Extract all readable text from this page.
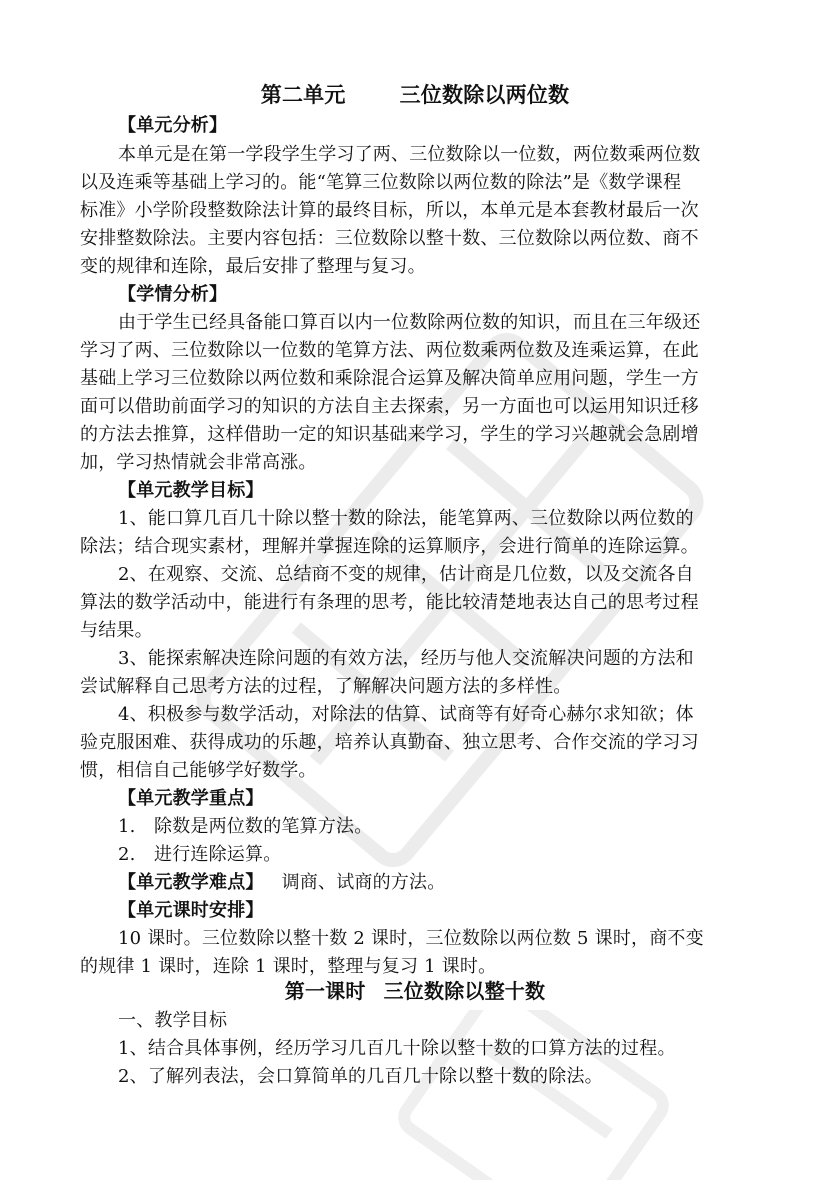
第二单元	三位数除以两位数
【单元分析】
本单元是在第一学段学生学习了两、三位数除以一位数，两位数乘两位数
以及连乘等基础上学习的。能“笔算三位数除以两位数的除法”是《数学课程
标准》小学阶段整数除法计算的最终目标，所以，本单元是本套教材最后一次
安排整数除法。主要内容包括：三位数除以整十数、三位数除以两位数、商不
变的规律和连除，最后安排了整理与复习。
【学情分析】
由于学生已经具备能口算百以内一位数除两位数的知识，而且在三年级还
学习了两、三位数除以一位数的笔算方法、两位数乘两位数及连乘运算，在此
基础上学习三位数除以两位数和乘除混合运算及解决简单应用问题，学生一方
面可以借助前面学习的知识的方法自主去探索，另一方面也可以运用知识迁移
的方法去推算，这样借助一定的知识基础来学习，学生的学习兴趣就会急剧增
加，学习热情就会非常高涨。
【单元教学目标】
1、能口算几百几十除以整十数的除法，能笔算两、三位数除以两位数的
除法；结合现实素材，理解并掌握连除的运算顺序，会进行简单的连除运算。
2、在观察、交流、总结商不变的规律，估计商是几位数，以及交流各自
算法的数学活动中，能进行有条理的思考，能比较清楚地表达自己的思考过程
与结果。
3、能探索解决连除问题的有效方法，经历与他人交流解决问题的方法和
尝试解释自己思考方法的过程，了解解决问题方法的多样性。
4、积极参与数学活动，对除法的估算、试商等有好奇心赫尔求知欲；体
验克服困难、获得成功的乐趣，培养认真勤奋、独立思考、合作交流的学习习
惯，相信自己能够学好数学。
【单元教学重点】
1. 除数是两位数的笔算方法。
2. 进行连除运算。
【单元教学难点】 调商、试商的方法。
【单元课时安排】
10 课时。三位数除以整十数 2 课时，三位数除以两位数 5 课时，商不变
的规律 1 课时，连除 1 课时，整理与复习 1 课时。
第一课时 三位数除以整十数
一、教学目标
1、结合具体事例，经历学习几百几十除以整十数的口算方法的过程。
2、了解列表法，会口算简单的几百几十除以整十数的除法。
